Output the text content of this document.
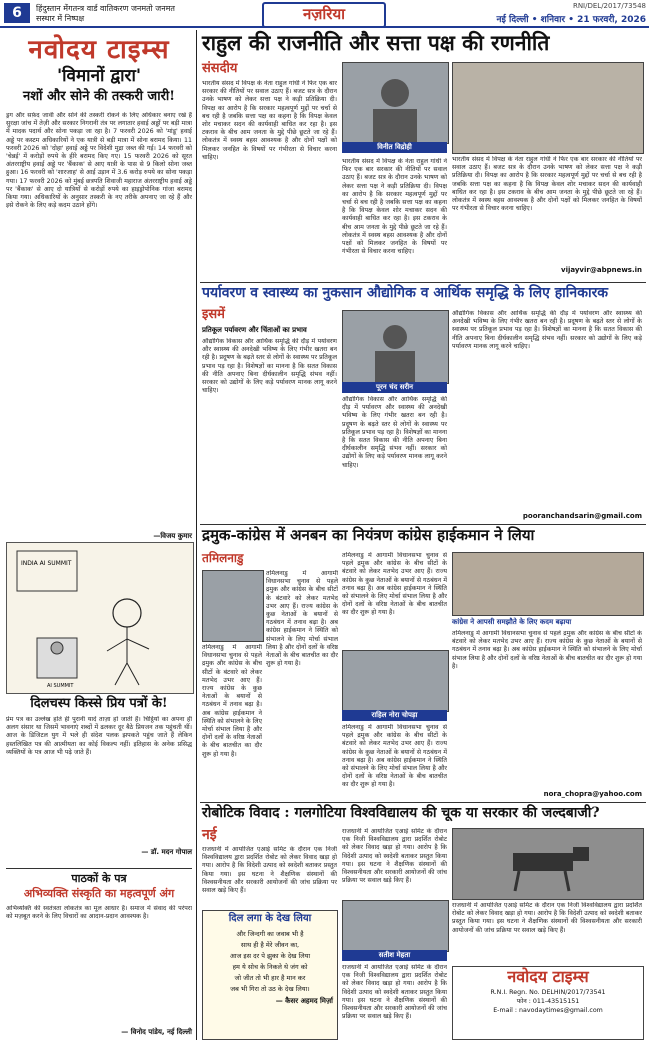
6	हिंदुस्तान मेंगतन्त्र वार्ड वातिकरण जनमतो जनमत सस्थार में निष्पक्ष	नज़रिया	RNI/DEL/2017/73548
नई दिल्ली • शनिवार • 21 फरवरी, 2026
नवोदय टाइम्स
'विमानों द्वारा'
नशों और सोने की तस्करी जारी!
ड्रग और सफ़ेद जावी और सोने की तस्करी रोकने के लिए अधिकार बनाए रखे हैं सुरक्षा जांच में तेज़ी और सरकार निगरानी तंत्र पर लगातार हवाई अड्डों पर बड़ी मात्रा में मादक पदार्थ और सोना पकड़ा जा रहा है। 7 फरवरी 2026 को 'मांडू' हवाई अड्डे पर कस्टम अधिकारियों ने एक यात्री से बड़ी मात्रा में सोना बरामद किया। 11 फरवरी 2026 को 'दोहा' हवाई अड्डे पर विदेशी मुद्रा जब्त की गई। 14 फरवरी को 'चेन्नई' में करोड़ों रुपये के हीरे बरामद किए गए। 15 फरवरी 2026 को सूरत अंतरराष्ट्रीय हवाई अड्डे पर 'बैंकाक' से आए यात्री के पास से 9 किलो सोना जब्त हुआ। 16 फरवरी को 'शारजाह' से आई उड़ान में 3.6 करोड़ रुपये का सोना पकड़ा गया। 17 फरवरी 2026 को मुंबई छत्रपति शिवाजी महाराज अंतरराष्ट्रीय हवाई अड्डे पर 'बैंकाक' से आए दो यात्रियों से करोड़ों रुपये का हाइड्रोपोनिक गांजा बरामद किया गया। अधिकारियों के अनुसार तस्करी के नए तरीके अपनाए जा रहे हैं और इसे रोकने के लिए कड़े कदम उठाने होंगे।
—विजय कुमार
INDIA AI SUMMIT
AI SUMMIT
दिलचस्प किस्से प्रिय पत्रों के!
प्रेम पत्र का उल्लेख होते ही पुरानी यादें ताज़ा हो जाती हैं। चिट्ठियों का अपना ही अलग संसार था जिसमें भावनाएं शब्दों में ढलकर दूर बैठे प्रियजन तक पहुंचती थीं। आज के डिजिटल युग में भले ही संदेश पलक झपकते पहुंच जाते हैं लेकिन हस्तलिखित पत्र की आत्मीयता का कोई विकल्प नहीं। इतिहास के अनेक प्रसिद्ध व्यक्तियों के पत्र आज भी पढ़े जाते हैं।
— डॉ. मदन गोपाल
पाठकों के पत्र
अभिव्यक्ति संस्कृति का महत्वपूर्ण अंग
अभिव्यक्ति की स्वतंत्रता लोकतंत्र का मूल आधार है। समाज में संवाद की परंपरा को मज़बूत करने के लिए विचारों का आदान-प्रदान आवश्यक है।
— विनोद पांडेय, नई दिल्ली
राहुल की राजनीति और सत्ता पक्ष की रणनीति
संसदीय
भारतीय संसद में विपक्ष के नेता राहुल गांधी ने फिर एक बार सरकार की नीतियों पर सवाल उठाए हैं। बजट सत्र के दौरान उनके भाषण को लेकर सत्ता पक्ष ने कड़ी प्रतिक्रिया दी। विपक्ष का आरोप है कि सरकार महत्वपूर्ण मुद्दों पर चर्चा से बच रही है जबकि सत्ता पक्ष का कहना है कि विपक्ष केवल शोर मचाकर सदन की कार्यवाही बाधित कर रहा है। इस टकराव के बीच आम जनता के मुद्दे पीछे छूटते जा रहे हैं। लोकतंत्र में स्वस्थ बहस आवश्यक है और दोनों पक्षों को मिलकर जनहित के विषयों पर गंभीरता से विचार करना चाहिए।
विनीत विद्रोही
भारतीय संसद में विपक्ष के नेता राहुल गांधी ने फिर एक बार सरकार की नीतियों पर सवाल उठाए हैं। बजट सत्र के दौरान उनके भाषण को लेकर सत्ता पक्ष ने कड़ी प्रतिक्रिया दी। विपक्ष का आरोप है कि सरकार महत्वपूर्ण मुद्दों पर चर्चा से बच रही है जबकि सत्ता पक्ष का कहना है कि विपक्ष केवल शोर मचाकर सदन की कार्यवाही बाधित कर रहा है। इस टकराव के बीच आम जनता के मुद्दे पीछे छूटते जा रहे हैं। लोकतंत्र में स्वस्थ बहस आवश्यक है और दोनों पक्षों को मिलकर जनहित के विषयों पर गंभीरता से विचार करना चाहिए।
भारतीय संसद में विपक्ष के नेता राहुल गांधी ने फिर एक बार सरकार की नीतियों पर सवाल उठाए हैं। बजट सत्र के दौरान उनके भाषण को लेकर सत्ता पक्ष ने कड़ी प्रतिक्रिया दी। विपक्ष का आरोप है कि सरकार महत्वपूर्ण मुद्दों पर चर्चा से बच रही है जबकि सत्ता पक्ष का कहना है कि विपक्ष केवल शोर मचाकर सदन की कार्यवाही बाधित कर रहा है। इस टकराव के बीच आम जनता के मुद्दे पीछे छूटते जा रहे हैं। लोकतंत्र में स्वस्थ बहस आवश्यक है और दोनों पक्षों को मिलकर जनहित के विषयों पर गंभीरता से विचार करना चाहिए।
vijayvir@abpnews.in
पर्यावरण व स्वास्थ्य का नुकसान औद्योगिक व आर्थिक समृद्धि के लिए हानिकारक
इसमें
प्रतिकूल पर्यावरण और चिंताओं का प्रभाव
औद्योगिक विकास और आर्थिक समृद्धि की दौड़ में पर्यावरण और स्वास्थ्य की अनदेखी भविष्य के लिए गंभीर खतरा बन रही है। प्रदूषण के बढ़ते स्तर से लोगों के स्वास्थ्य पर प्रतिकूल प्रभाव पड़ रहा है। विशेषज्ञों का मानना है कि सतत विकास की नीति अपनाए बिना दीर्घकालीन समृद्धि संभव नहीं। सरकार को उद्योगों के लिए कड़े पर्यावरण मानक लागू करने चाहिए।	पूरन चंद सरीन
औद्योगिक विकास और आर्थिक समृद्धि की दौड़ में पर्यावरण और स्वास्थ्य की अनदेखी भविष्य के लिए गंभीर खतरा बन रही है। प्रदूषण के बढ़ते स्तर से लोगों के स्वास्थ्य पर प्रतिकूल प्रभाव पड़ रहा है। विशेषज्ञों का मानना है कि सतत विकास की नीति अपनाए बिना दीर्घकालीन समृद्धि संभव नहीं। सरकार को उद्योगों के लिए कड़े पर्यावरण मानक लागू करने चाहिए।
औद्योगिक विकास और आर्थिक समृद्धि की दौड़ में पर्यावरण और स्वास्थ्य की अनदेखी भविष्य के लिए गंभीर खतरा बन रही है। प्रदूषण के बढ़ते स्तर से लोगों के स्वास्थ्य पर प्रतिकूल प्रभाव पड़ रहा है। विशेषज्ञों का मानना है कि सतत विकास की नीति अपनाए बिना दीर्घकालीन समृद्धि संभव नहीं। सरकार को उद्योगों के लिए कड़े पर्यावरण मानक लागू करने चाहिए।
pooranchandsarin@gmail.com
द्रमुक-कांग्रेस में अनबन का नियंत्रण कांग्रेस हाईकमान ने लिया
तमिलनाडु
तमिलनाडु में आगामी विधानसभा चुनाव से पहले द्रमुक और कांग्रेस के बीच सीटों के बंटवारे को लेकर मतभेद उभर आए हैं। राज्य कांग्रेस के कुछ नेताओं के बयानों से गठबंधन में तनाव बढ़ा है। अब कांग्रेस हाईकमान ने स्थिति को संभालने के लिए मोर्चा संभाल लिया है और दोनों दलों के वरिष्ठ नेताओं के बीच बातचीत का दौर शुरू हो गया है।
तमिलनाडु में आगामी विधानसभा चुनाव से पहले द्रमुक और कांग्रेस के बीच सीटों के बंटवारे को लेकर मतभेद उभर आए हैं। राज्य कांग्रेस के कुछ नेताओं के बयानों से गठबंधन में तनाव बढ़ा है। अब कांग्रेस हाईकमान ने स्थिति को संभालने के लिए मोर्चा संभाल लिया है और दोनों दलों के वरिष्ठ नेताओं के बीच बातचीत का दौर शुरू हो गया है।
तमिलनाडु में आगामी विधानसभा चुनाव से पहले द्रमुक और कांग्रेस के बीच सीटों के बंटवारे को लेकर मतभेद उभर आए हैं। राज्य कांग्रेस के कुछ नेताओं के बयानों से गठबंधन में तनाव बढ़ा है। अब कांग्रेस हाईकमान ने स्थिति को संभालने के लिए मोर्चा संभाल लिया है और दोनों दलों के वरिष्ठ नेताओं के बीच बातचीत का दौर शुरू हो गया है।
राहिल नोरा चोपड़ा
तमिलनाडु में आगामी विधानसभा चुनाव से पहले द्रमुक और कांग्रेस के बीच सीटों के बंटवारे को लेकर मतभेद उभर आए हैं। राज्य कांग्रेस के कुछ नेताओं के बयानों से गठबंधन में तनाव बढ़ा है। अब कांग्रेस हाईकमान ने स्थिति को संभालने के लिए मोर्चा संभाल लिया है और दोनों दलों के वरिष्ठ नेताओं के बीच बातचीत का दौर शुरू हो गया है।
कांग्रेस ने आपसी समझौते के लिए कदम बढ़ाया
तमिलनाडु में आगामी विधानसभा चुनाव से पहले द्रमुक और कांग्रेस के बीच सीटों के बंटवारे को लेकर मतभेद उभर आए हैं। राज्य कांग्रेस के कुछ नेताओं के बयानों से गठबंधन में तनाव बढ़ा है। अब कांग्रेस हाईकमान ने स्थिति को संभालने के लिए मोर्चा संभाल लिया है और दोनों दलों के वरिष्ठ नेताओं के बीच बातचीत का दौर शुरू हो गया है।
nora_chopra@yahoo.com
रोबोटिक विवाद : गलगोटिया विश्वविद्यालय की चूक या सरकार की जल्दबाजी?
नई
राजधानी में आयोजित एआई समिट के दौरान एक निजी विश्वविद्यालय द्वारा प्रदर्शित रोबोट को लेकर विवाद खड़ा हो गया। आरोप है कि विदेशी उत्पाद को स्वदेशी बताकर प्रस्तुत किया गया। इस घटना ने शैक्षणिक संस्थानों की विश्वसनीयता और सरकारी आयोजनों की जांच प्रक्रिया पर सवाल खड़े किए हैं।
राजधानी में आयोजित एआई समिट के दौरान एक निजी विश्वविद्यालय द्वारा प्रदर्शित रोबोट को लेकर विवाद खड़ा हो गया। आरोप है कि विदेशी उत्पाद को स्वदेशी बताकर प्रस्तुत किया गया। इस घटना ने शैक्षणिक संस्थानों की विश्वसनीयता और सरकारी आयोजनों की जांच प्रक्रिया पर सवाल खड़े किए हैं।
सतीश मेहता
राजधानी में आयोजित एआई समिट के दौरान एक निजी विश्वविद्यालय द्वारा प्रदर्शित रोबोट को लेकर विवाद खड़ा हो गया। आरोप है कि विदेशी उत्पाद को स्वदेशी बताकर प्रस्तुत किया गया। इस घटना ने शैक्षणिक संस्थानों की विश्वसनीयता और सरकारी आयोजनों की जांच प्रक्रिया पर सवाल खड़े किए हैं।
राजधानी में आयोजित एआई समिट के दौरान एक निजी विश्वविद्यालय द्वारा प्रदर्शित रोबोट को लेकर विवाद खड़ा हो गया। आरोप है कि विदेशी उत्पाद को स्वदेशी बताकर प्रस्तुत किया गया। इस घटना ने शैक्षणिक संस्थानों की विश्वसनीयता और सरकारी आयोजनों की जांच प्रक्रिया पर सवाल खड़े किए हैं।
दिल लगा के देख लिया
और जिन्दगी का जवाब भी है
साथ ही है मेरे जीवन का,
आज इस दर पे झुका के देख लिया
हम ये सोच के निकले थे जंग को
जो जीत तो भी हार है मान कर
जब भी गिरा तो उठ के देख लिया।
— कैसर अहमद मिर्ज़ा
नवोदय टाइम्स
R.N.I. Regn. No. DELHIN/2017/73541
फोन : 011-43515151
E-mail : navodaytimes@gmail.com
